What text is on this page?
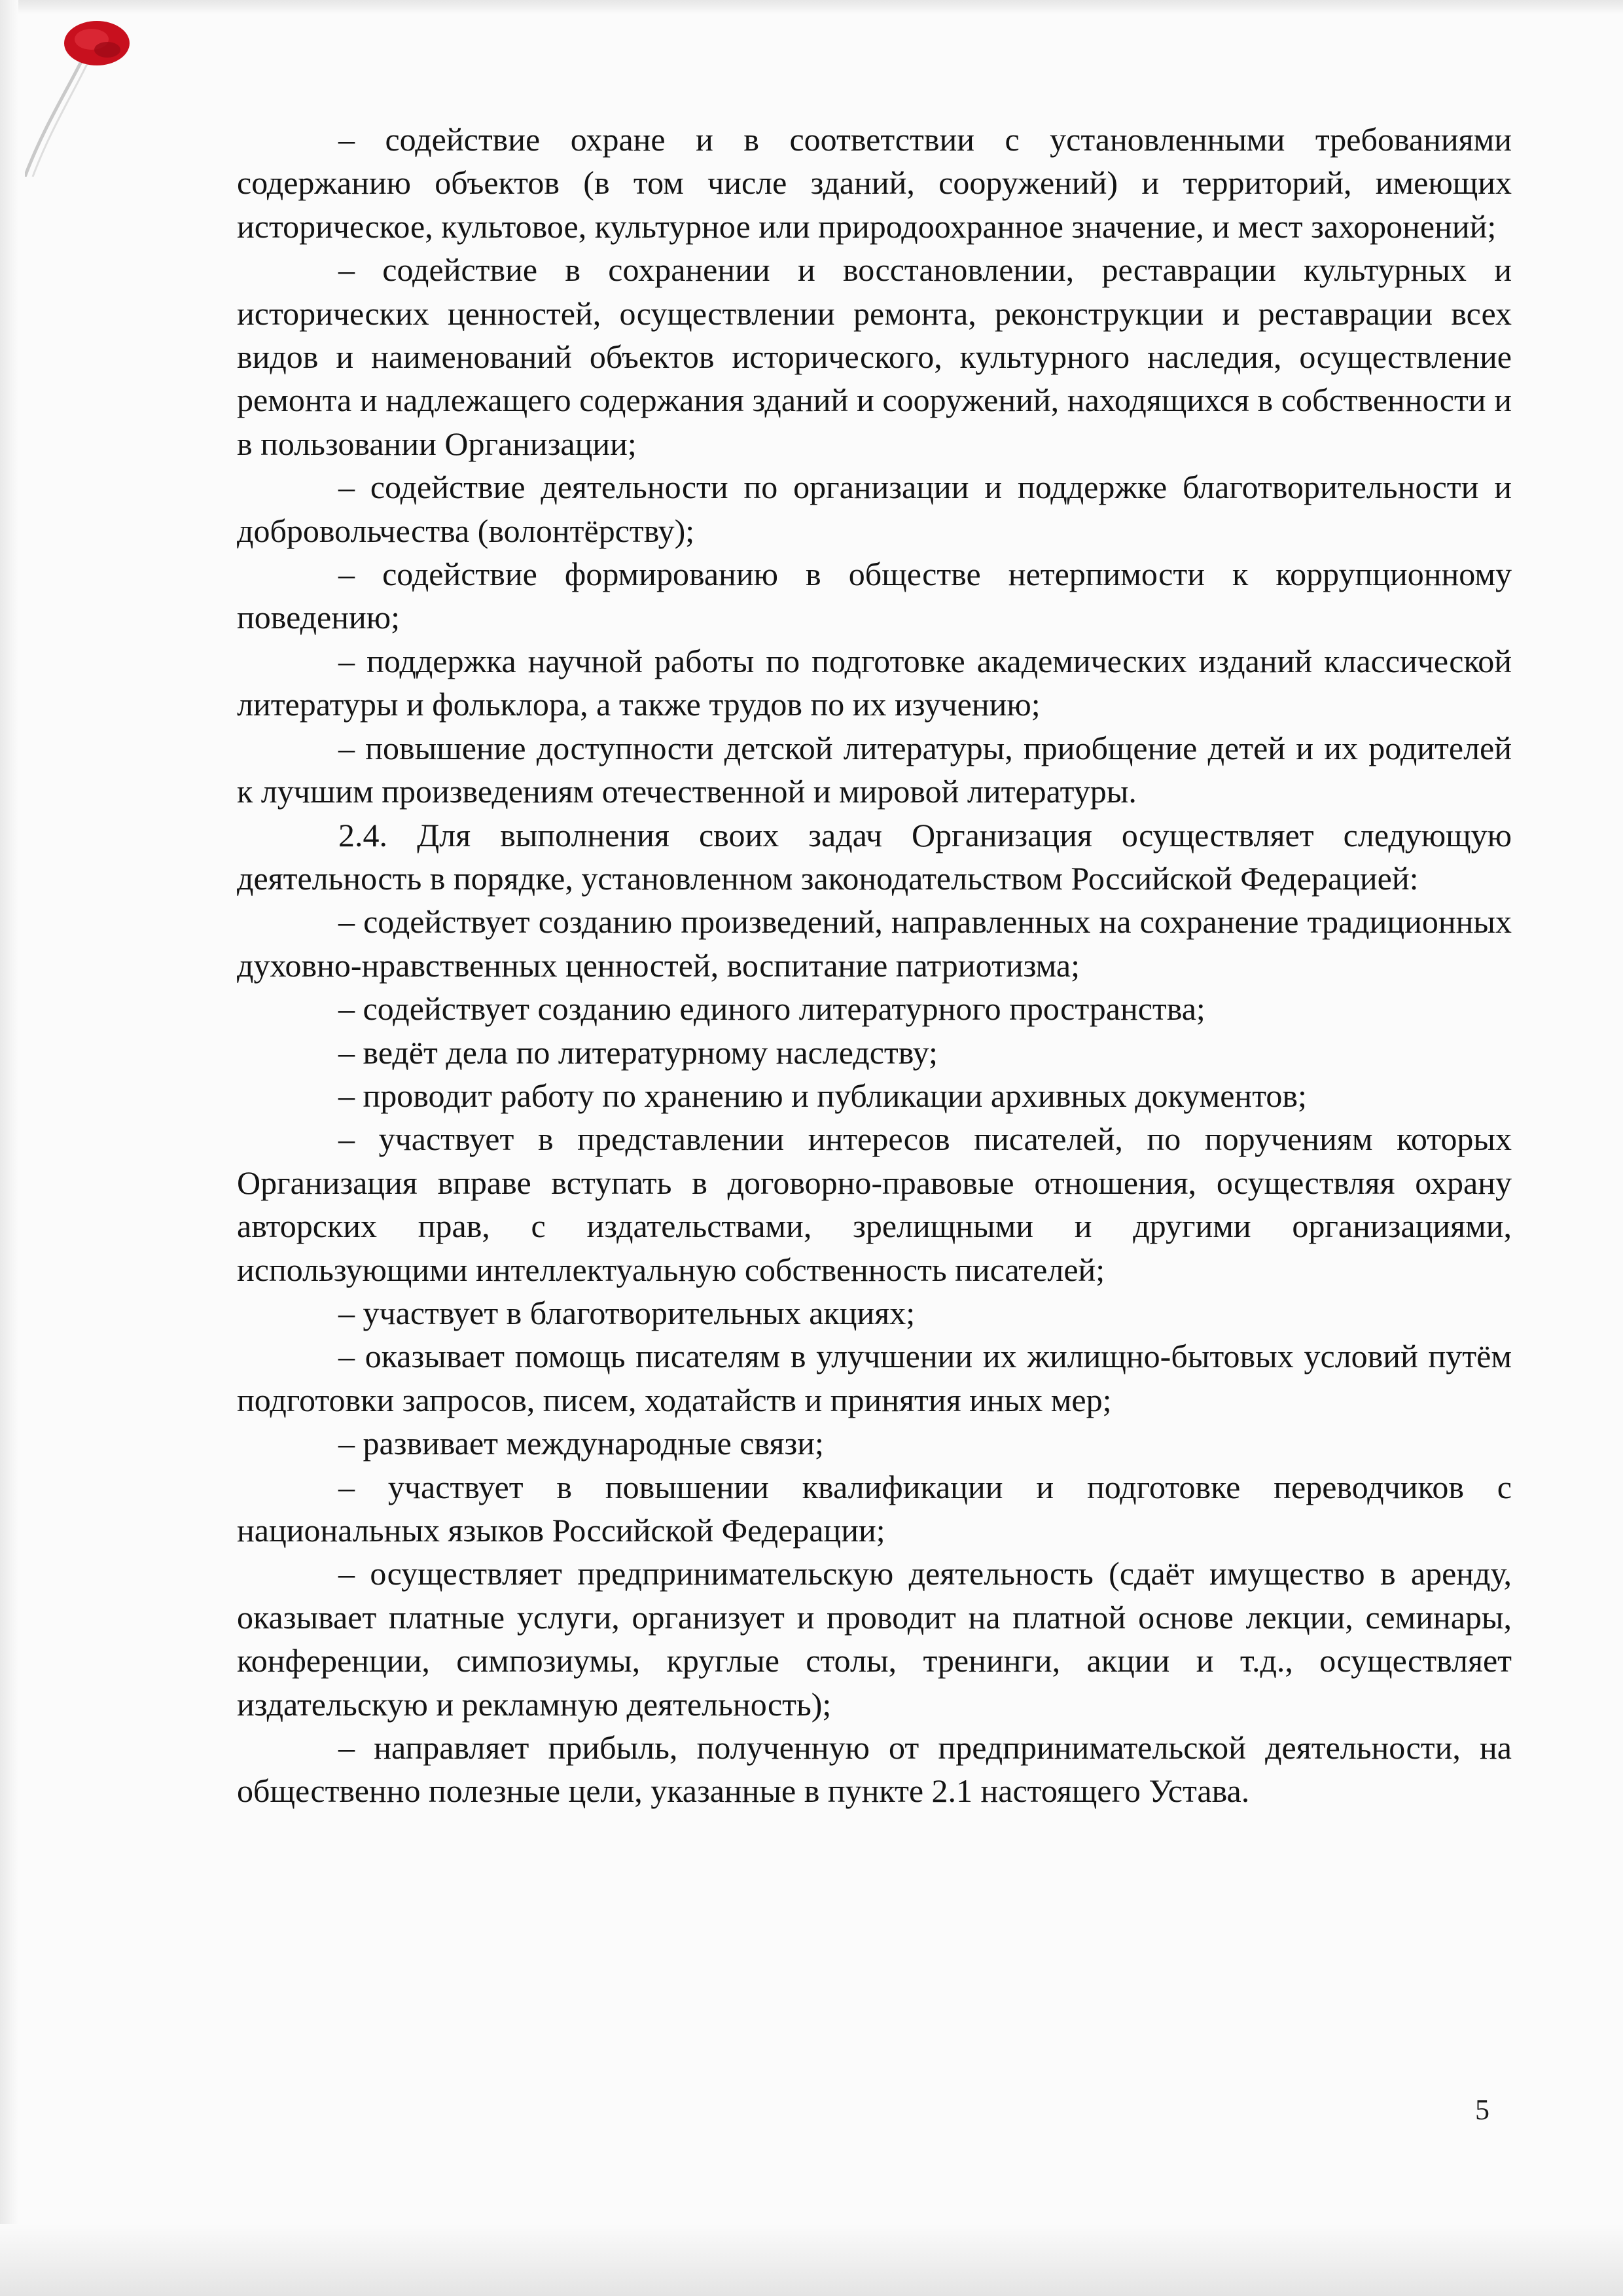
– содействие охране и в соответствии с установленными требованиями содержанию объектов (в том числе зданий, сооружений) и территорий, имеющих историческое, культовое, культурное или природоохранное значение, и мест захоронений;

– содействие в сохранении и восстановлении, реставрации культурных и исторических ценностей, осуществлении ремонта, реконструкции и реставрации всех видов и наименований объектов исторического, культурного наследия, осуществление ремонта и надлежащего содержания зданий и сооружений, находящихся в собственности и в пользовании Организации;

– содействие деятельности по организации и поддержке благотворительности и добровольчества (волонтёрству);

– содействие формированию в обществе нетерпимости к коррупционному поведению;

– поддержка научной работы по подготовке академических изданий классической литературы и фольклора, а также трудов по их изучению;

– повышение доступности детской литературы, приобщение детей и их родителей к лучшим произведениям отечественной и мировой литературы.

2.4. Для выполнения своих задач Организация осуществляет следующую деятельность в порядке, установленном законодательством Российской Федерацией:

– содействует созданию произведений, направленных на сохранение традиционных духовно-нравственных ценностей, воспитание патриотизма;

– содействует созданию единого литературного пространства;

– ведёт дела по литературному наследству;

– проводит работу по хранению и публикации архивных документов;

– участвует в представлении интересов писателей, по поручениям которых Организация вправе вступать в договорно-правовые отношения, осуществляя охрану авторских прав, с издательствами, зрелищными и другими организациями, использующими интеллектуальную собственность писателей;

– участвует в благотворительных акциях;

– оказывает помощь писателям в улучшении их жилищно-бытовых условий путём подготовки запросов, писем, ходатайств и принятия иных мер;

– развивает международные связи;

– участвует в повышении квалификации и подготовке переводчиков с национальных языков Российской Федерации;

– осуществляет предпринимательскую деятельность (сдаёт имущество в аренду, оказывает платные услуги, организует и проводит на платной основе лекции, семинары, конференции, симпозиумы, круглые столы, тренинги, акции и т.д., осуществляет издательскую и рекламную деятельность);

– направляет прибыль, полученную от предпринимательской деятельности, на общественно полезные цели, указанные в пункте 2.1 настоящего Устава.

5
